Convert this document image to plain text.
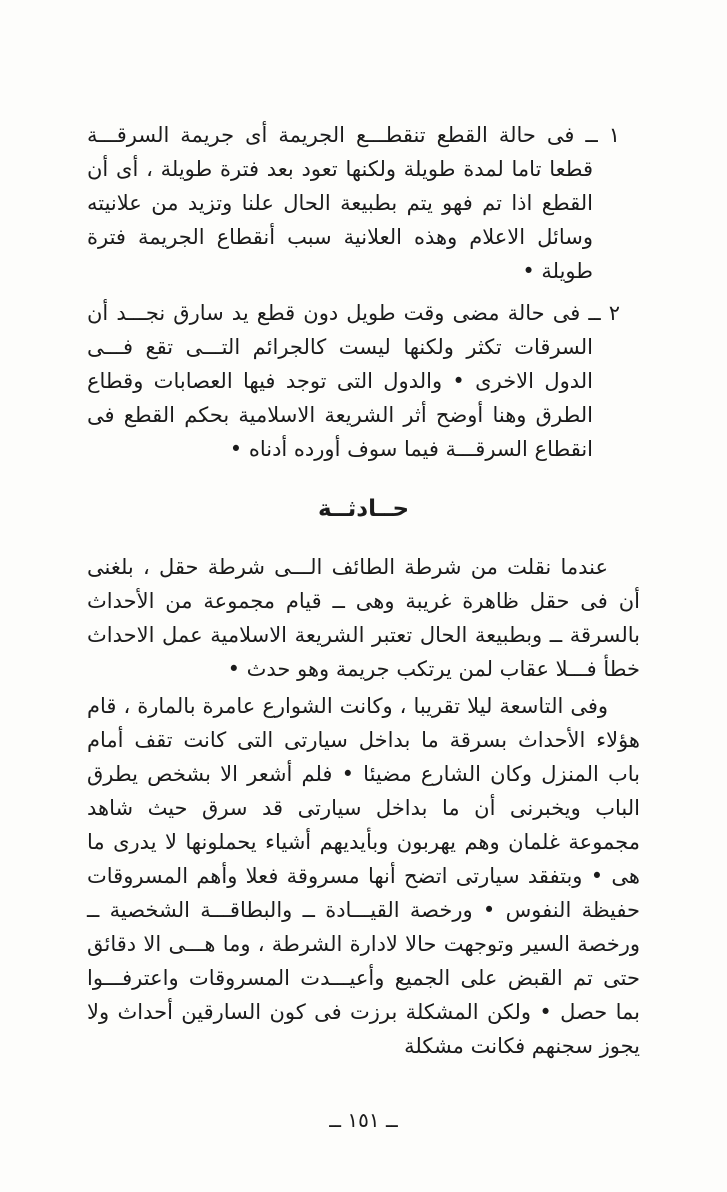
١ ــ فى حالة القطع تنقطـــع الجريمة أى جريمة السرقـــة قطعا تاما لمدة طويلة ولكنها تعود بعد فترة طويلة ، أى أن القطع اذا تم فهو يتم بطبيعة الحال علنا وتزيد من علانيته وسائل الاعلام وهذه العلانية سبب أنقطاع الجريمة فترة طويلة •
٢ ــ فى حالة مضى وقت طويل دون قطع يد سارق نجـــد أن السرقات تكثر ولكنها ليست كالجرائم التـــى تقع فـــى الدول الاخرى • والدول التى توجد فيها العصابات وقطاع الطرق وهنا أوضح أثر الشريعة الاسلامية بحكم القطع فى انقطاع السرقـــة فيما سوف أورده أدناه •
حــادثــة
عندما نقلت من شرطة الطائف الـــى شرطة حقل ، بلغنى أن فى حقل ظاهرة غريبة وهى ــ قيام مجموعة من الأحداث بالسرقة ــ وبطبيعة الحال تعتبر الشريعة الاسلامية عمل الاحداث خطأ فـــلا عقاب لمن يرتكب جريمة وهو حدث •
وفى التاسعة ليلا تقريبا ، وكانت الشوارع عامرة بالمارة ، قام هؤلاء الأحداث بسرقة ما بداخل سيارتى التى كانت تقف أمام باب المنزل وكان الشارع مضيئا • فلم أشعر الا بشخص يطرق الباب ويخبرنى أن ما بداخل سيارتى قد سرق حيث شاهد مجموعة غلمان وهم يهربون وبأيديهم أشياء يحملونها لا يدرى ما هى • وبتفقد سيارتى اتضح أنها مسروقة فعلا وأهم المسروقات حفيظة النفوس • ورخصة القيـــادة ــ والبطاقـــة الشخصية ــ ورخصة السير وتوجهت حالا لادارة الشرطة ، وما هـــى الا دقائق حتى تم القبض على الجميع وأعيـــدت المسروقات واعترفـــوا بما حصل • ولكن المشكلة برزت فى كون السارقين أحداث ولا يجوز سجنهم فكانت مشكلة
ــ ١٥١ ــ
